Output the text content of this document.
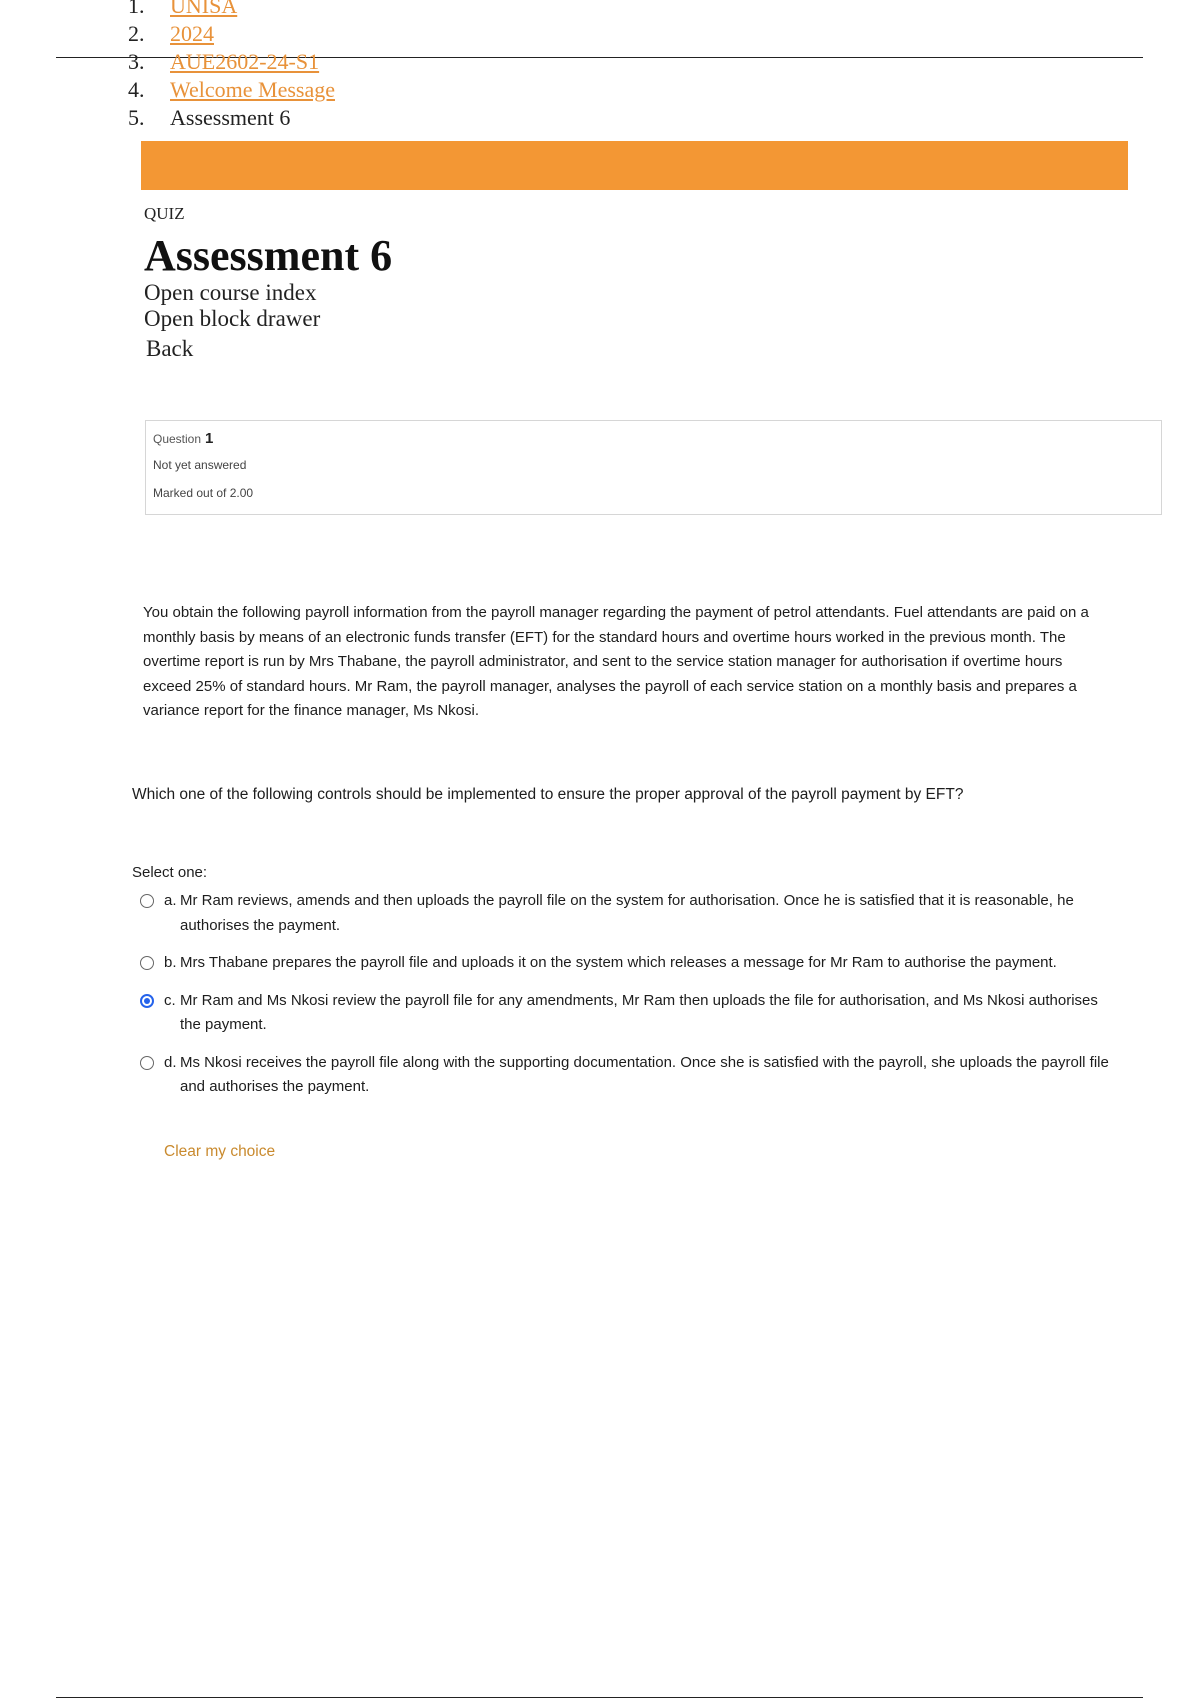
1. UNISA
2. 2024
3. AUE2602-24-S1
4. Welcome Message
5. Assessment 6
QUIZ
Assessment 6
Open course index
Open block drawer
Back
Question 1
Not yet answered
Marked out of 2.00
You obtain the following payroll information from the payroll manager regarding the payment of petrol attendants. Fuel attendants are paid on a monthly basis by means of an electronic funds transfer (EFT) for the standard hours and overtime hours worked in the previous month. The overtime report is run by Mrs Thabane, the payroll administrator, and sent to the service station manager for authorisation if overtime hours exceed 25% of standard hours. Mr Ram, the payroll manager, analyses the payroll of each service station on a monthly basis and prepares a variance report for the finance manager, Ms Nkosi.
Which one of the following controls should be implemented to ensure the proper approval of the payroll payment by EFT?
Select one:
a. Mr Ram reviews, amends and then uploads the payroll file on the system for authorisation. Once he is satisfied that it is reasonable, he authorises the payment.
b. Mrs Thabane prepares the payroll file and uploads it on the system which releases a message for Mr Ram to authorise the payment.
c. Mr Ram and Ms Nkosi review the payroll file for any amendments, Mr Ram then uploads the file for authorisation, and Ms Nkosi authorises the payment.
d. Ms Nkosi receives the payroll file along with the supporting documentation. Once she is satisfied with the payroll, she uploads the payroll file and authorises the payment.
Clear my choice
